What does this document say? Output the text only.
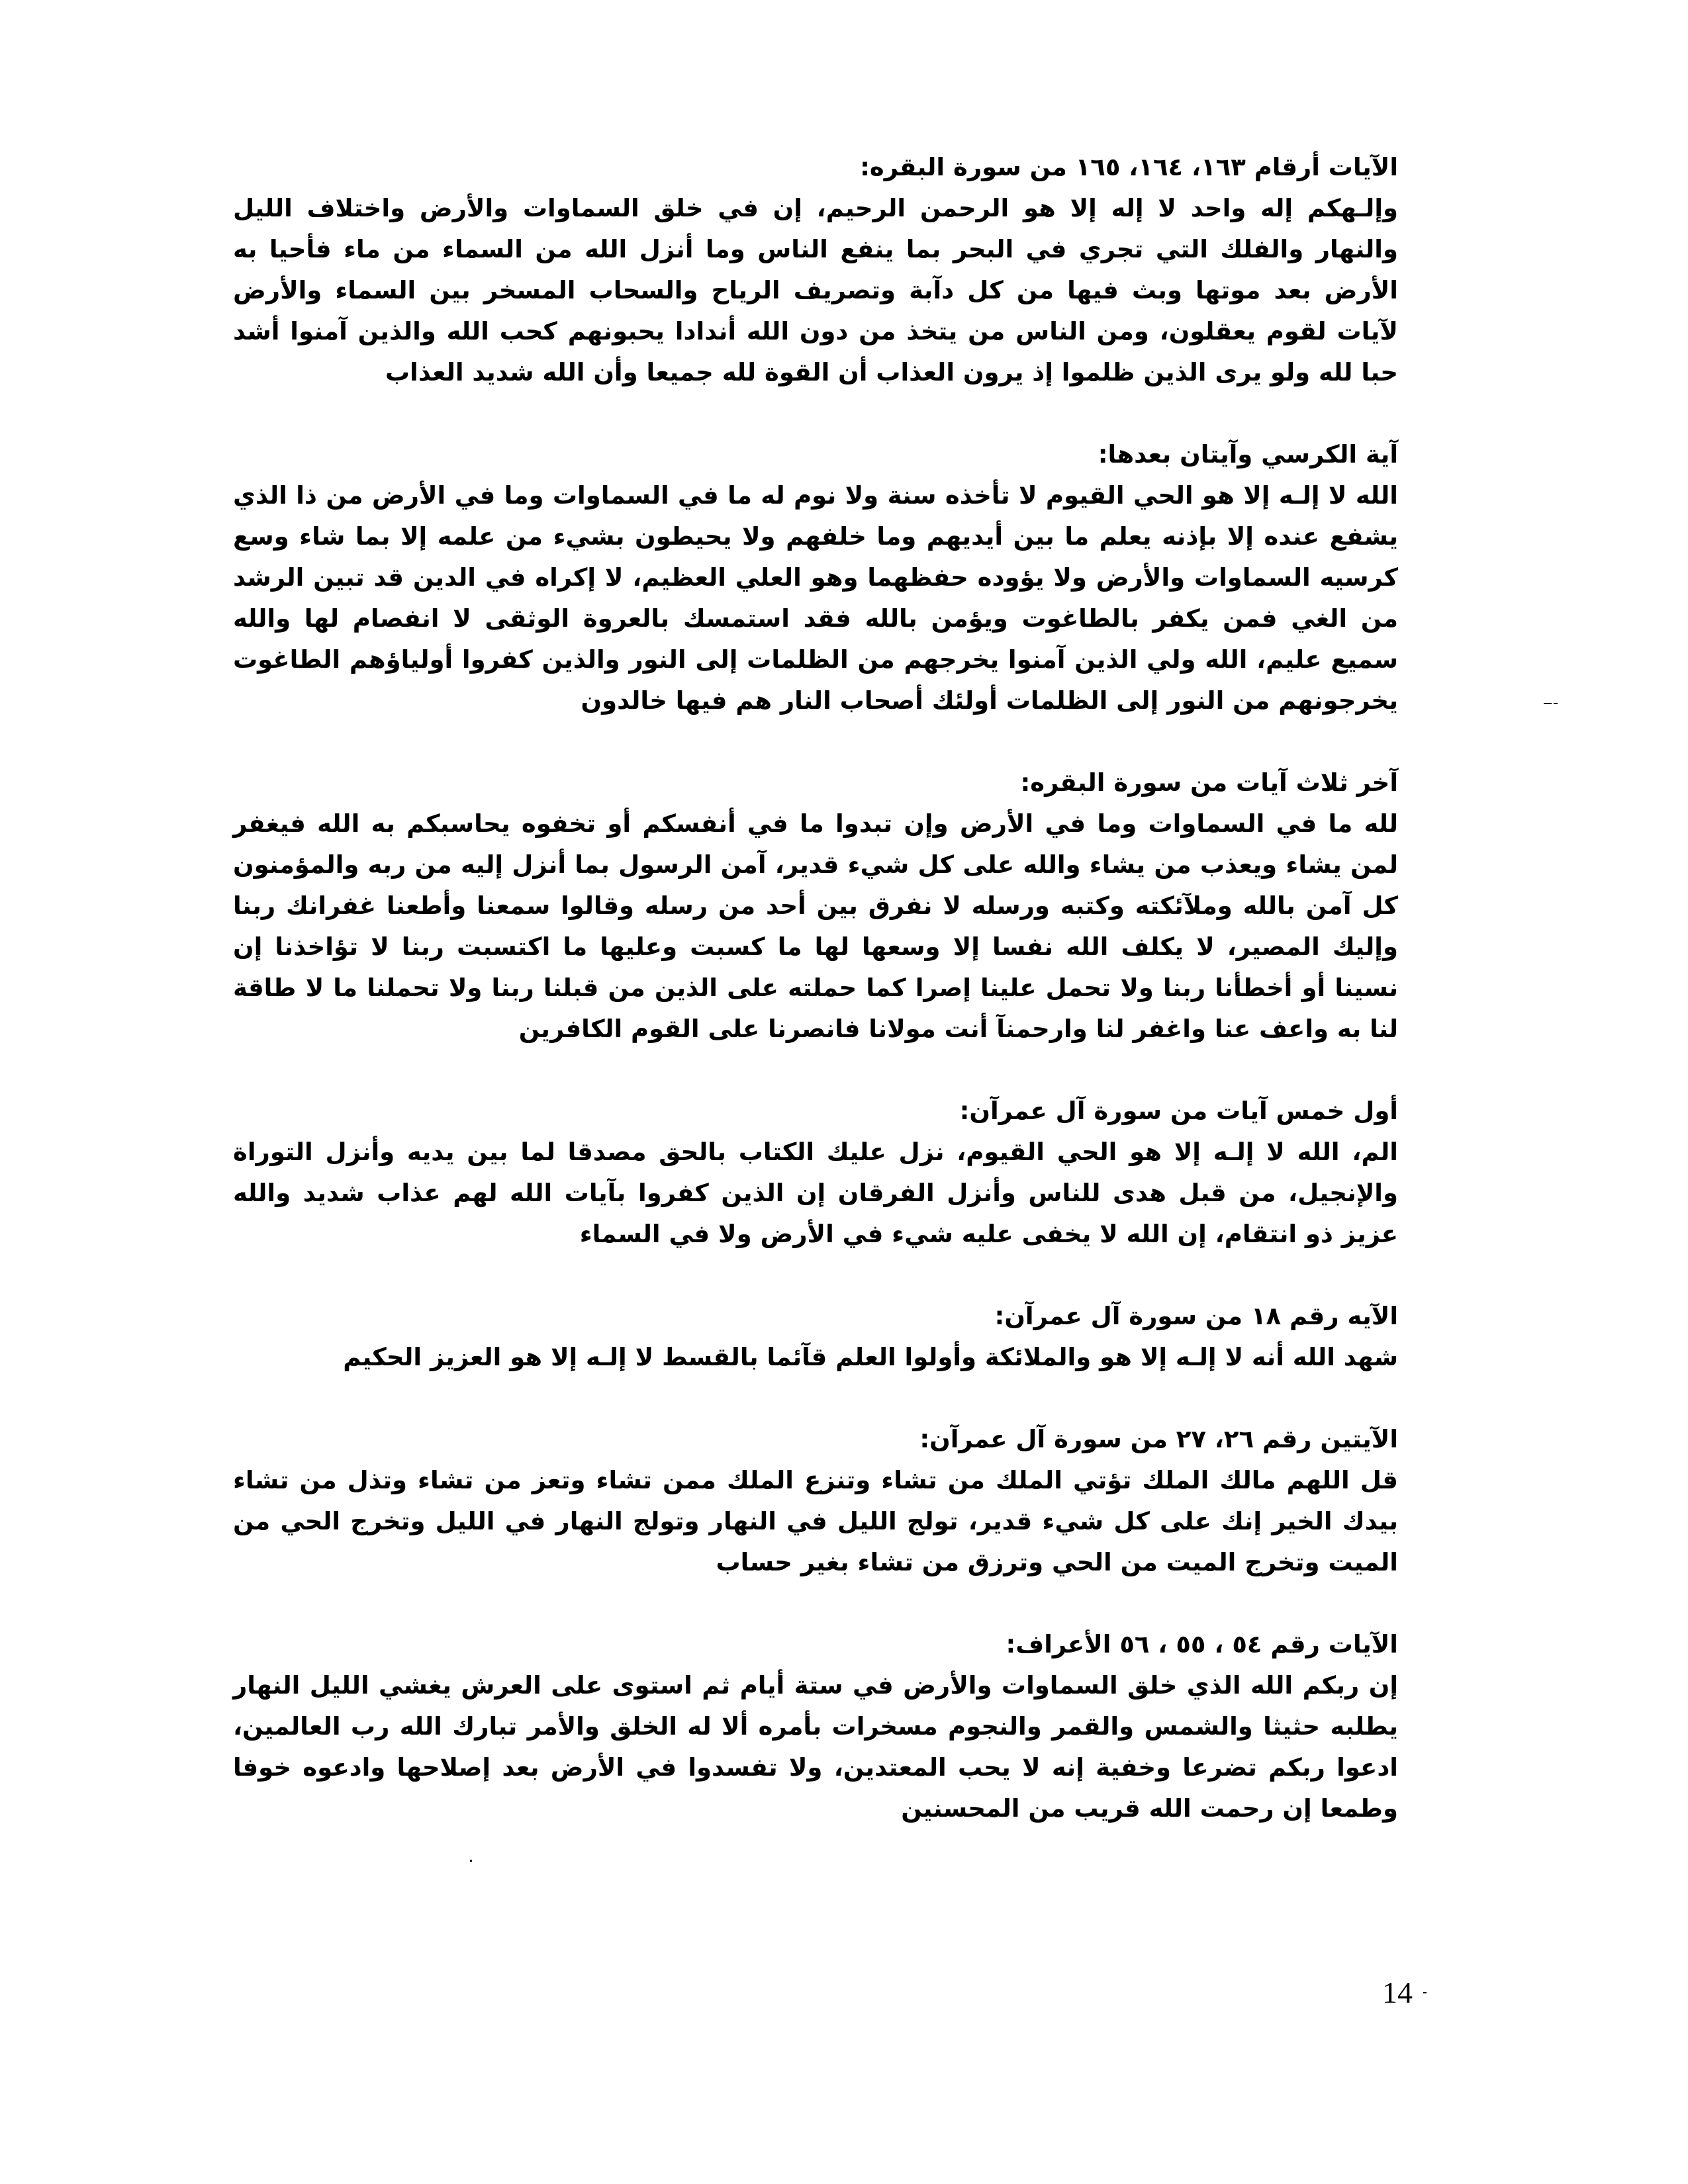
الآيات أرقام ١٦٣، ١٦٤، ١٦٥ من سورة البقره:
وإلـهكم إله واحد لا إله إلا هو الرحمن الرحيم، إن في خلق السماوات والأرض واختلاف الليل والنهار والفلك التي تجري في البحر بما ينفع الناس وما أنزل الله من السماء من ماء فأحيا به الأرض بعد موتها وبث فيها من كل دآبة وتصريف الرياح والسحاب المسخر بين السماء والأرض لآيات لقوم يعقلون، ومن الناس من يتخذ من دون الله أندادا يحبونهم كحب الله والذين آمنوا أشد حبا لله ولو يرى الذين ظلموا إذ يرون العذاب أن القوة لله جميعا وأن الله شديد العذاب
آية الكرسي وآيتان بعدها:
الله لا إلـه إلا هو الحي القيوم لا تأخذه سنة ولا نوم له ما في السماوات وما في الأرض من ذا الذي يشفع عنده إلا بإذنه يعلم ما بين أيديهم وما خلفهم ولا يحيطون بشيء من علمه إلا بما شاء وسع كرسيه السماوات والأرض ولا يؤوده حفظهما وهو العلي العظيم، لا إكراه في الدين قد تبين الرشد من الغي فمن يكفر بالطاغوت ويؤمن بالله فقد استمسك بالعروة الوثقى لا انفصام لها والله سميع عليم، الله ولي الذين آمنوا يخرجهم من الظلمات إلى النور والذين كفروا أولياؤهم الطاغوت يخرجونهم من النور إلى الظلمات أولئك أصحاب النار هم فيها خالدون
آخر ثلاث آيات من سورة البقره:
لله ما في السماوات وما في الأرض وإن تبدوا ما في أنفسكم أو تخفوه يحاسبكم به الله فيغفر لمن يشاء ويعذب من يشاء والله على كل شيء قدير، آمن الرسول بما أنزل إليه من ربه والمؤمنون كل آمن بالله وملآئكته وكتبه ورسله لا نفرق بين أحد من رسله وقالوا سمعنا وأطعنا غفرانك ربنا وإليك المصير، لا يكلف الله نفسا إلا وسعها لها ما كسبت وعليها ما اكتسبت ربنا لا تؤاخذنا إن نسينا أو أخطأنا ربنا ولا تحمل علينا إصرا كما حملته على الذين من قبلنا ربنا ولا تحملنا ما لا طاقة لنا به واعف عنا واغفر لنا وارحمنآ أنت مولانا فانصرنا على القوم الكافرين
أول خمس آيات من سورة آل عمرآن:
الم، الله لا إلـه إلا هو الحي القيوم، نزل عليك الكتاب بالحق مصدقا لما بين يديه وأنزل التوراة والإنجيل، من قبل هدى للناس وأنزل الفرقان إن الذين كفروا بآيات الله لهم عذاب شديد والله عزيز ذو انتقام، إن الله لا يخفى عليه شيء في الأرض ولا في السماء
الآيه رقم ١٨ من سورة آل عمرآن:
شهد الله أنه لا إلـه إلا هو والملائكة وأولوا العلم قآئما بالقسط لا إلـه إلا هو العزيز الحكيم
الآيتين رقم ٢٦، ٢٧ من سورة آل عمرآن:
قل اللهم مالك الملك تؤتي الملك من تشاء وتنزع الملك ممن تشاء وتعز من تشاء وتذل من تشاء بيدك الخير إنك على كل شيء قدير، تولج الليل في النهار وتولج النهار في الليل وتخرج الحي من الميت وتخرج الميت من الحي وترزق من تشاء بغير حساب
الآيات رقم ٥٤ ، ٥٥ ، ٥٦ الأعراف:
إن ربكم الله الذي خلق السماوات والأرض في ستة أيام ثم استوى على العرش يغشي الليل النهار يطلبه حثيثا والشمس والقمر والنجوم مسخرات بأمره ألا له الخلق والأمر تبارك الله رب العالمين، ادعوا ربكم تضرعا وخفية إنه لا يحب المعتدين، ولا تفسدوا في الأرض بعد إصلاحها وادعوه خوفا وطمعا إن رحمت الله قريب من المحسنين
14
